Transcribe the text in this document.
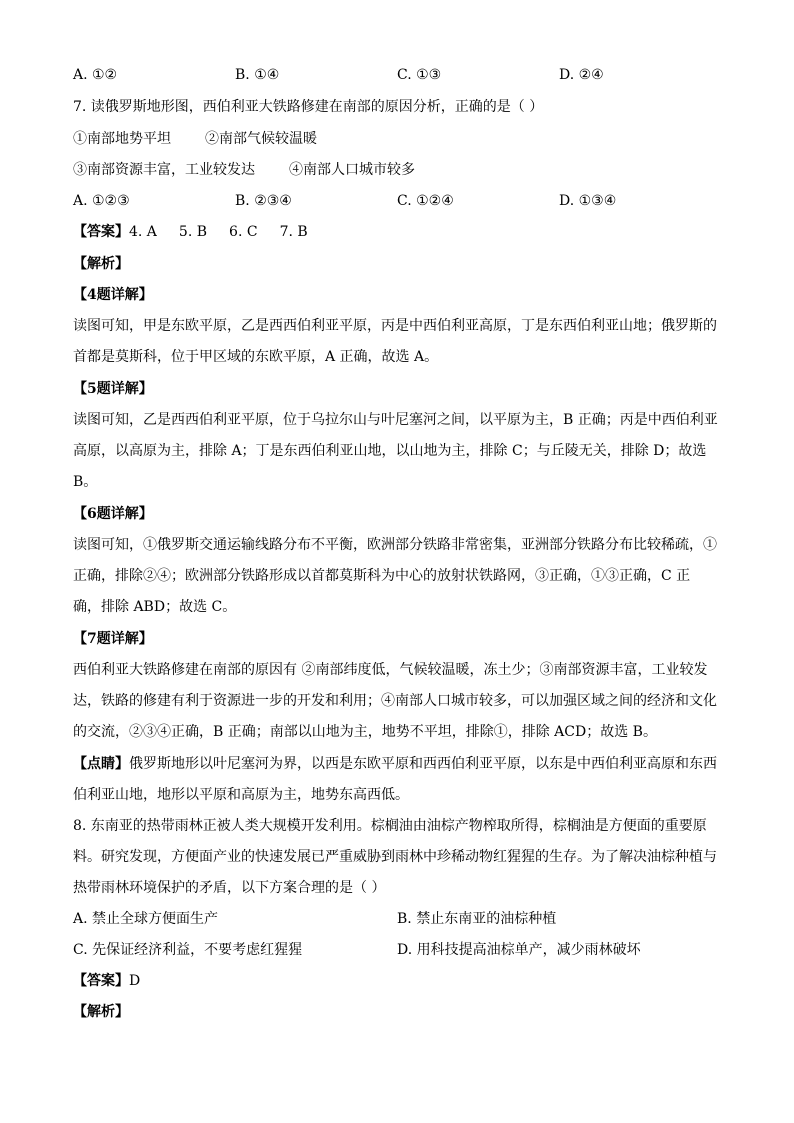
A. ①②	B. ①④	C. ①③	D. ②④
7. 读俄罗斯地形图，西伯利亚大铁路修建在南部的原因分析，正确的是（ ）
①南部地势平坦 ②南部气候较温暖
③南部资源丰富，工业较发达 ④南部人口城市较多
A. ①②③	B. ②③④	C. ①②④	D. ①③④
【答案】4. A 5. B 6. C 7. B
【解析】
【4题详解】
读图可知，甲是东欧平原，乙是西西伯利亚平原，丙是中西伯利亚高原，丁是东西伯利亚山地；俄罗斯的
首都是莫斯科，位于甲区域的东欧平原，A 正确，故选 A。
【5题详解】
读图可知，乙是西西伯利亚平原，位于乌拉尔山与叶尼塞河之间，以平原为主，B 正确；丙是中西伯利亚
高原，以高原为主，排除 A；丁是东西伯利亚山地，以山地为主，排除 C；与丘陵无关，排除 D；故选
B。
【6题详解】
读图可知，①俄罗斯交通运输线路分布不平衡，欧洲部分铁路非常密集，亚洲部分铁路分布比较稀疏，①
正确，排除②④；欧洲部分铁路形成以首都莫斯科为中心的放射状铁路网，③正确，①③正确，C 正
确，排除 ABD；故选 C。
【7题详解】
西伯利亚大铁路修建在南部的原因有 ②南部纬度低，气候较温暖，冻土少；③南部资源丰富，工业较发
达，铁路的修建有利于资源进一步的开发和利用；④南部人口城市较多，可以加强区域之间的经济和文化
的交流，②③④正确，B 正确；南部以山地为主，地势不平坦，排除①，排除 ACD；故选 B。
【点睛】俄罗斯地形以叶尼塞河为界，以西是东欧平原和西西伯利亚平原，以东是中西伯利亚高原和东西
伯利亚山地，地形以平原和高原为主，地势东高西低。
8. 东南亚的热带雨林正被人类大规模开发利用。棕榈油由油棕产物榨取所得，棕榈油是方便面的重要原
料。研究发现，方便面产业的快速发展已严重威胁到雨林中珍稀动物红猩猩的生存。为了解决油棕种植与
热带雨林环境保护的矛盾，以下方案合理的是（ ）
A. 禁止全球方便面生产	B. 禁止东南亚的油棕种植
C. 先保证经济利益，不要考虑红猩猩	D. 用科技提高油棕单产，减少雨林破坏
【答案】D
【解析】
